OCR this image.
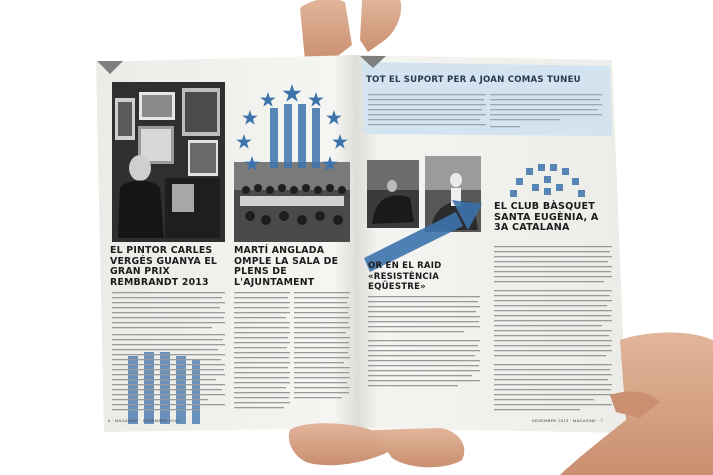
EL PINTOR CARLES VERGÉS GUANYA EL GRAN PRIX REMBRANDT 2013
MARTÍ ANGLADA OMPLE LA SALA DE PLENS DE L'AJUNTAMENT
TOT EL SUPORT PER A JOAN COMAS TUNEU
OR EN EL RAID
«RESISTÈNCIA EQÜESTRE»
EL CLUB BÀSQUET SANTA EUGÈNIA, A 3A CATALANA
6 · MAGAZINE · DESEMBRE 2013	DESEMBRE 2013 · MAGAZINE · 7
